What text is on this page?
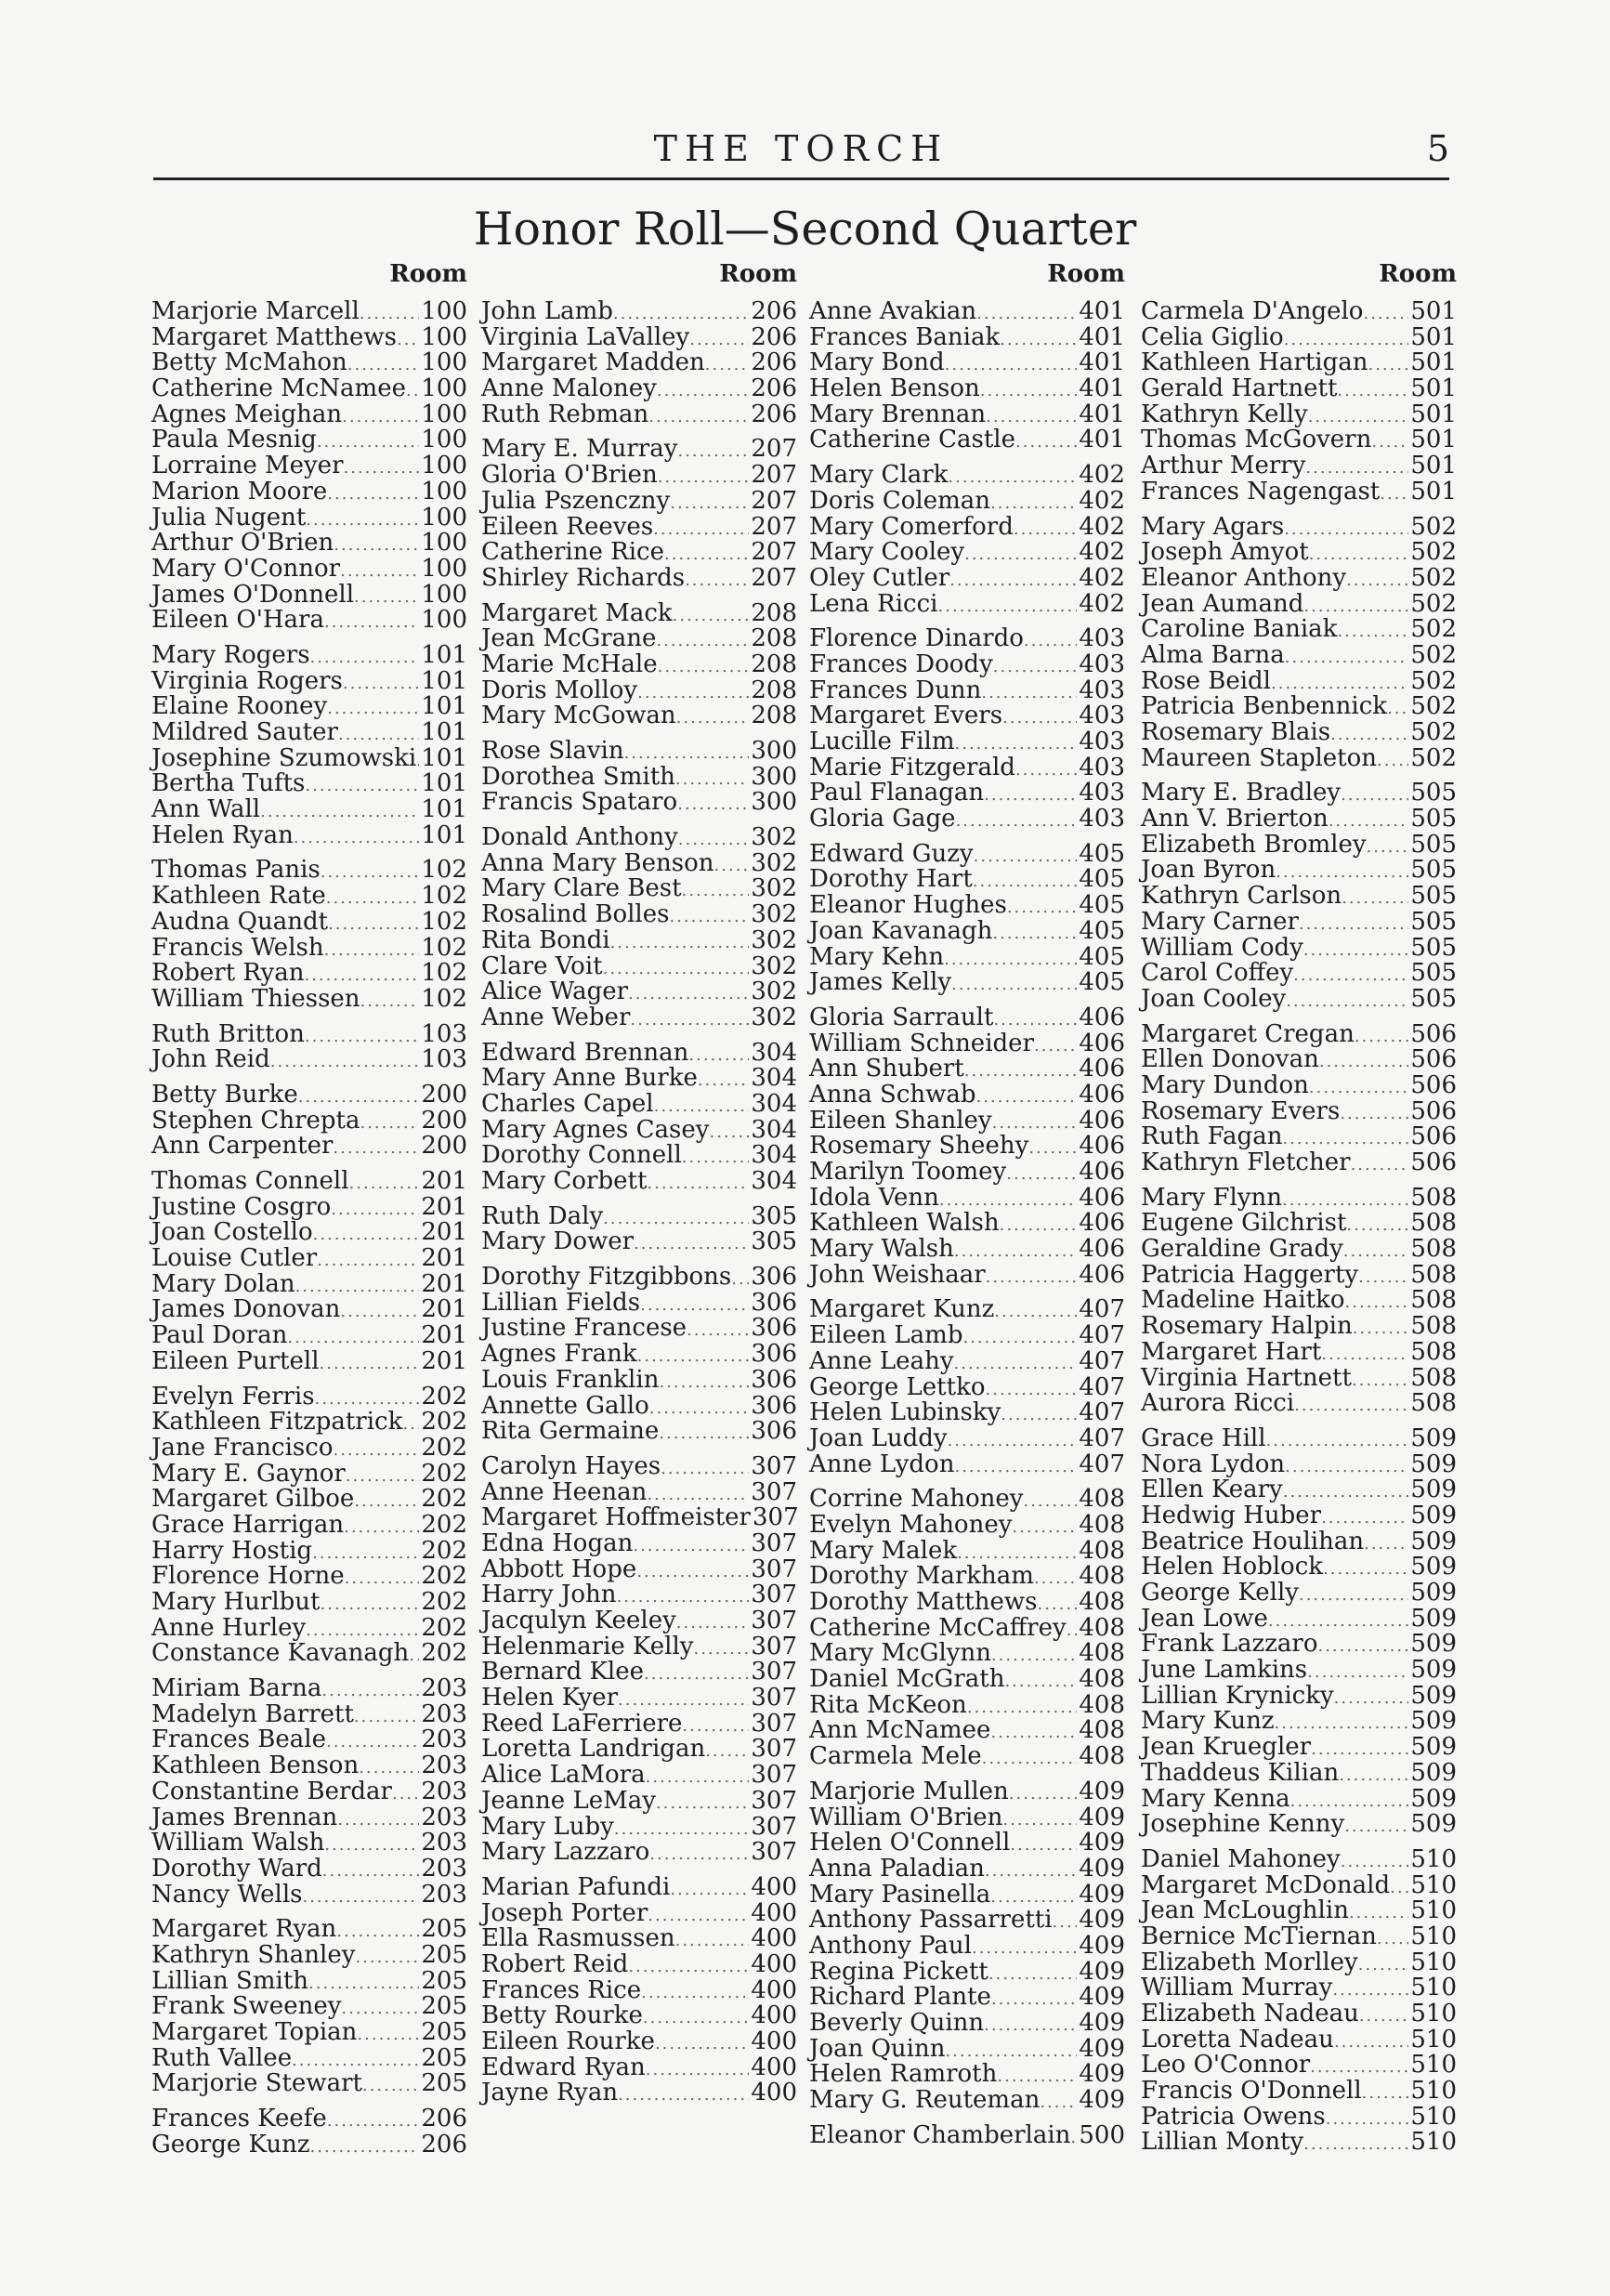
THE TORCH	5
Honor Roll—Second Quarter
Room	Room	Room	Room
Marjorie Marcell .....	100
Margaret Matthews ..... 100
Betty McMahon .....	100
Catherine McNamee ..... 100
Agnes Meighan .....	100
Paula Mesnig .....	100
Lorraine Meyer .....	100
Marion Moore .....	100
Julia Nugent .....	100
Arthur O'Brien .....	100
Mary O'Connor .....	100
James O'Donnell .....	100
Eileen O'Hara .....	100
Mary Rogers .....	101
Virginia Rogers .....	101
Elaine Rooney .....	101
Mildred Sauter .....	101
Josephine Szumowski ..... 101
Bertha Tufts .....	101
Ann Wall .....	101
Helen Ryan .....	101
Thomas Panis .....	102
Kathleen Rate .....	102
Audna Quandt .....	102
Francis Welsh .....	102
Robert Ryan .....	102
William Thiessen .....	102
Ruth Britton .....	103
John Reid .....	103
Betty Burke .....	200
Stephen Chrepta .....	200
Ann Carpenter .....	200
Thomas Connell .....	201
Justine Cosgro .....	201
Joan Costello .....	201
Louise Cutler .....	201
Mary Dolan .....	201
James Donovan .....	201
Paul Doran .....	201
Eileen Purtell .....	201
Evelyn Ferris .....	202
Kathleen Fitzpatrick ..... 202
Jane Francisco .....	202
Mary E. Gaynor .....	202
Margaret Gilboe .....	202
Grace Harrigan .....	202
Harry Hostig .....	202
Florence Horne .....	202
Mary Hurlbut .....	202
Anne Hurley .....	202
Constance Kavanagh ..... 202
Miriam Barna .....	203
Madelyn Barrett .....	203
Frances Beale .....	203
Kathleen Benson .....	203
Constantine Berdar ..... 203
James Brennan .....	203
William Walsh .....	203
Dorothy Ward .....	203
Nancy Wells .....	203
Margaret Ryan .....	205
Kathryn Shanley .....	205
Lillian Smith .....	205
Frank Sweeney .....	205
Margaret Topian .....	205
Ruth Vallee .....	205
Marjorie Stewart ..... 205
Frances Keefe .....	206
George Kunz .....	206
John Lamb .....	206
Virginia LaValley .....	206
Margaret Madden ..... 206
Anne Maloney .....	206
Ruth Rebman .....	206
Mary E. Murray .....	207
Gloria O'Brien .....	207
Julia Pszenczny .....	207
Eileen Reeves .....	207
Catherine Rice .....	207
Shirley Richards .....	207
Margaret Mack .....	208
Jean McGrane .....	208
Marie McHale .....	208
Doris Molloy .....	208
Mary McGowan .....	208
Rose Slavin .....	300
Dorothea Smith .....	300
Francis Spataro .....	300
Donald Anthony .....	302
Anna Mary Benson ..... 302
Mary Clare Best .....	302
Rosalind Bolles .....	302
Rita Bondi .....	302
Clare Voit .....	302
Alice Wager .....	302
Anne Weber .....	302
Edward Brennan .....	304
Mary Anne Burke ..... 304
Charles Capel .....	304
Mary Agnes Casey ..... 304
Dorothy Connell .....	304
Mary Corbett .....	304
Ruth Daly .....	305
Mary Dower .....	305
Dorothy Fitzgibbons ..... 306
Lillian Fields .....	306
Justine Francese .....	306
Agnes Frank .....	306
Louis Franklin .....	306
Annette Gallo .....	306
Rita Germaine .....	306
Carolyn Hayes .....	307
Anne Heenan .....	307
Margaret Hoffmeister 307
Edna Hogan .....	307
Abbott Hope .....	307
Harry John .....	307
Jacqulyn Keeley .....	307
Helenmarie Kelly ..... 307
Bernard Klee .....	307
Helen Kyer .....	307
Reed LaFerriere .....	307
Loretta Landrigan ..... 307
Alice LaMora .....	307
Jeanne LeMay .....	307
Mary Luby .....	307
Mary Lazzaro .....	307
Marian Pafundi .....	400
Joseph Porter .....	400
Ella Rasmussen .....	400
Robert Reid .....	400
Frances Rice .....	400
Betty Rourke .....	400
Eileen Rourke .....	400
Edward Ryan .....	400
Jayne Ryan .....	400
Anne Avakian .....	401
Frances Baniak .....	401
Mary Bond .....	401
Helen Benson .....	401
Mary Brennan .....	401
Catherine Castle .....	401
Mary Clark .....	402
Doris Coleman .....	402
Mary Comerford .....	402
Mary Cooley .....	402
Oley Cutler .....	402
Lena Ricci .....	402
Florence Dinardo ..... 403
Frances Doody .....	403
Frances Dunn .....	403
Margaret Evers .....	403
Lucille Film .....	403
Marie Fitzgerald .....	403
Paul Flanagan .....	403
Gloria Gage .....	403
Edward Guzy .....	405
Dorothy Hart .....	405
Eleanor Hughes .....	405
Joan Kavanagh .....	405
Mary Kehn .....	405
James Kelly .....	405
Gloria Sarrault .....	406
William Schneider ..... 406
Ann Shubert .....	406
Anna Schwab .....	406
Eileen Shanley .....	406
Rosemary Sheehy ..... 406
Marilyn Toomey .....	406
Idola Venn .....	406
Kathleen Walsh .....	406
Mary Walsh .....	406
John Weishaar .....	406
Margaret Kunz .....	407
Eileen Lamb .....	407
Anne Leahy .....	407
George Lettko .....	407
Helen Lubinsky .....	407
Joan Luddy .....	407
Anne Lydon .....	407
Corrine Mahoney ..... 408
Evelyn Mahoney .....	408
Mary Malek .....	408
Dorothy Markham ..... 408
Dorothy Matthews ..... 408
Catherine McCaffrey ..... 408
Mary McGlynn .....	408
Daniel McGrath .....	408
Rita McKeon .....	408
Ann McNamee .....	408
Carmela Mele .....	408
Marjorie Mullen .....	409
William O'Brien .....	409
Helen O'Connell .....	409
Anna Paladian .....	409
Mary Pasinella .....	409
Anthony Passarretti ..... 409
Anthony Paul .....	409
Regina Pickett .....	409
Richard Plante .....	409
Beverly Quinn .....	409
Joan Quinn .....	409
Helen Ramroth .....	409
Mary G. Reuteman ..... 409
Eleanor Chamberlain ..... 500
Carmela D'Angelo ..... 501
Celia Giglio .....	501
Kathleen Hartigan ..... 501
Gerald Hartnett .....	501
Kathryn Kelly .....	501
Thomas McGovern ..... 501
Arthur Merry .....	501
Frances Nagengast ..... 501
Mary Agars .....	502
Joseph Amyot .....	502
Eleanor Anthony .....	502
Jean Aumand .....	502
Caroline Baniak .....	502
Alma Barna .....	502
Rose Beidl .....	502
Patricia Benbennick ..... 502
Rosemary Blais .....	502
Maureen Stapleton ..... 502
Mary E. Bradley .....	505
Ann V. Brierton .....	505
Elizabeth Bromley ..... 505
Joan Byron .....	505
Kathryn Carlson .....	505
Mary Carner .....	505
William Cody .....	505
Carol Coffey .....	505
Joan Cooley .....	505
Margaret Cregan ..... 506
Ellen Donovan .....	506
Mary Dundon .....	506
Rosemary Evers .....	506
Ruth Fagan .....	506
Kathryn Fletcher ..... 506
Mary Flynn .....	508
Eugene Gilchrist .....	508
Geraldine Grady .....	508
Patricia Haggerty ..... 508
Madeline Haitko .....	508
Rosemary Halpin ..... 508
Margaret Hart .....	508
Virginia Hartnett ..... 508
Aurora Ricci .....	508
Grace Hill .....	509
Nora Lydon .....	509
Ellen Keary .....	509
Hedwig Huber .....	509
Beatrice Houlihan ..... 509
Helen Hoblock .....	509
George Kelly .....	509
Jean Lowe .....	509
Frank Lazzaro .....	509
June Lamkins .....	509
Lillian Krynicky .....	509
Mary Kunz .....	509
Jean Kruegler .....	509
Thaddeus Kilian .....	509
Mary Kenna .....	509
Josephine Kenny .....	509
Daniel Mahoney .....	510
Margaret McDonald ..... 510
Jean McLoughlin .....	510
Bernice McTiernan ..... 510
Elizabeth Morlley ..... 510
William Murray .....	510
Elizabeth Nadeau ..... 510
Loretta Nadeau .....	510
Leo O'Connor .....	510
Francis O'Donnell ..... 510
Patricia Owens .....	510
Lillian Monty .....	510
